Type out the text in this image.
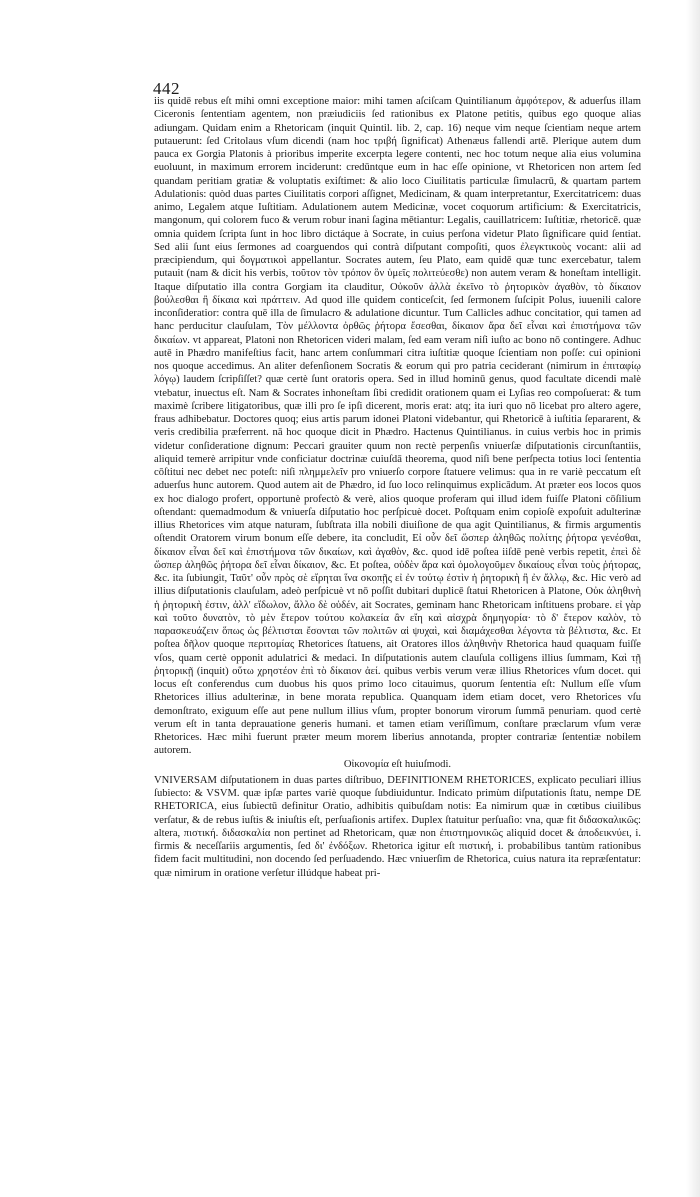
442

iis quidē rebus eſt mihi omni exceptione maior: mihi tamen aſciſcam Quintilianum ἀμφότερον, & aduerſus illam Ciceronis ſententiam agentem, non præiudiciis ſed rationibus ex Platone petitis, quibus ego quoque alias adiungam. Quidam enim a Rhetoricam (inquit Quintil. lib. 2, cap. 16) neque vim neque ſcientiam neque artem putauerunt: ſed Critolaus vſum dicendi (nam hoc τριβή ſignificat) Athenæus fallendi artē. Plerique autem dum pauca ex Gorgia Platonis à prioribus imperite excerpta legere contenti, nec hoc totum neque alia eius volumina euoluunt, in maximum errorem inciderunt: credūntque eum in hac eſſe opinione, vt Rhetoricen non artem ſed quandam peritiam gratiæ & voluptatis exiſtimet: & alio loco Ciuilitatis particulæ ſimulacrū, & quartam partem Adulationis: quòd duas partes Ciuilitatis corpori aſſignet, Medicinam, & quam interpretantur, Exercitatricem: duas animo, Legalem atque Iuſtitiam. Adulationem autem Medicinæ, vocet coquorum artificium: & Exercitatricis, mangonum, qui colorem fuco & verum robur inani ſagina mētiantur: Legalis, cauillatricem: Iuſtitiæ, rhetoricē. quæ omnia quidem ſcripta ſunt in hoc libro dictáque à Socrate, in cuius perſona videtur Plato ſignificare quid ſentiat. Sed alii ſunt eius ſermones ad coarguendos qui contrà diſputant compoſiti, quos ἐλεγκτικοὺς vocant: alii ad præcipiendum, qui δογματικοὶ appellantur. Socrates autem, ſeu Plato, eam quidē quæ tunc exercebatur, talem putauit (nam & dicit his verbis, τοῦτον τὸν τρόπον ὃν ὑμεῖς πολιτεύεσθε) non autem veram & honeſtam intelligit. Itaque diſputatio illa contra Gorgiam ita clauditur, Οὐκοῦν ἀλλὰ ἐκεῖνο τὸ ῥητορικὸν ἀγαθὸν, τὸ δίκαιον βούλεσθαι ἢ δίκαια καὶ πράττειν. Ad quod ille quidem conticeſcit, ſed ſermonem ſuſcipit Polus, iuuenili calore inconſideratior: contra quē illa de ſimulacro & adulatione dicuntur. Tum Callicles adhuc concitatior, qui tamen ad hanc perducitur clauſulam, Τὸν μέλλοντα ὀρθῶς ῥήτορα ἔσεσθαι, δίκαιον ἄρα δεῖ εἶναι καὶ ἐπιστήμονα τῶν δικαίων. vt appareat, Platoni non Rhetoricen videri malam, ſed eam veram niſi iuſto ac bono nō contingere. Adhuc autē in Phædro manifeſtius facit, hanc artem conſummari citra iuſtitiæ quoque ſcientiam non poſſe: cui opinioni nos quoque accedimus. An aliter defenſionem Socratis & eorum qui pro patria ceciderant (nimirum in ἐπιταφίῳ λόγῳ) laudem ſcripſiſſet? quæ certè ſunt oratoris opera. Sed in illud hominū genus, quod facultate dicendi malè vtebatur, inuectus eſt. Nam & Socrates inhoneſtam ſibi credidit orationem quam ei Lyſias reo compoſuerat: & tum maximè ſcribere litigatoribus, quæ illi pro ſe ipſi dicerent, moris erat: atq; ita iuri quo nō licebat pro altero agere, fraus adhibebatur. Doctores quoq; eius artis parum idonei Platoni videbantur, qui Rhetoricē à iuſtitia ſepararent, & veris credibilia præferrent. nā hoc quoque dicit in Phædro. Hactenus Quintilianus. in cuius verbis hoc in primis videtur conſideratione dignum: Peccari grauiter quum non rectè perpenſis vniuerſæ diſputationis circunſtantiis, aliquid temerè arripitur vnde conficiatur doctrinæ cuiuſdā theorema, quod niſi bene perſpecta totius loci ſententia cōſtitui nec debet nec poteſt: niſi πλημμελεῖν pro vniuerſo corpore ſtatuere velimus: qua in re variè peccatum eſt aduerſus hunc autorem. Quod autem ait de Phædro, id ſuo loco relinquimus explicādum. At præter eos locos quos ex hoc dialogo profert, opportunè profectò & verè, alios quoque proferam qui illud idem fuiſſe Platoni cōſilium oſtendant: quemadmodum & vniuerſa diſputatio hoc perſpicuè docet. Poſtquam enim copioſè expoſuit adulterinæ illius Rhetorices vim atque naturam, ſubſtrata illa nobili diuiſione de qua agit Quintilianus, & firmis argumentis oſtendit Oratorem virum bonum eſſe debere, ita concludit, Εἰ οὖν δεῖ ὥσπερ ἀληθῶς πολίτης ῥήτορα γενέσθαι, δίκαιον εἶναι δεῖ καὶ ἐπιστήμονα τῶν δικαίων, καὶ ἀγαθὸν, &c. quod idē poſtea iiſdē penè verbis repetit, ἐπεὶ δὲ ὥσπερ ἀληθῶς ῥήτορα δεῖ εἶναι δίκαιον, &c. Et poſtea, οὐδὲν ἄρα καὶ ὁμολογοῦμεν δικαίους εἶναι τοὺς ῥήτορας, &c. ita ſubiungit, Ταῦτ' οὖν πρὸς σὲ εἴρηται ἵνα σκοπῇς εἰ ἐν τούτῳ ἐστὶν ἡ ῥητορικὴ ἢ ἐν ἄλλῳ, &c. Hic verò ad illius diſputationis clauſulam, adeò perſpicuè vt nō poſſit dubitari duplicē ſtatui Rhetoricen à Platone, Οὐκ ἀληθινὴ ἡ ῥητορικὴ ἐστιν, ἀλλ' εἴδωλον, ἄλλο δὲ οὐδέν, ait Socrates, geminam hanc Rhetoricam inſtituens probare. εἰ γὰρ καὶ τοῦτο δυνατὸν, τὸ μὲν ἕτερον τούτου κολακεία ἂν εἴη καὶ αἰσχρὰ δημηγορία· τὸ δ' ἕτερον καλὸν, τὸ παρασκευάζειν ὅπως ὡς βέλτισται ἔσονται τῶν πολιτῶν αἱ ψυχαὶ, καὶ διαμάχεσθαι λέγοντα τὰ βέλτιστα, &c. Et poſtea δῆλον quoque περιτομίας Rhetorices ſtatuens, ait Oratores illos ἀληθινὴν Rhetorica haud quaquam fuiſſe vſos, quam certè opponit adulatrici & medaci. In diſputationis autem clauſula colligens illius ſummam, Καὶ τῇ ῥητορικῇ (inquit) οὕτω χρηστέον ἐπὶ τὸ δίκαιον ἀεί. quibus verbis verum veræ illius Rhetorices vſum docet. qui locus eſt conferendus cum duobus his quos primo loco citauimus, quorum ſententia eſt: Nullum eſſe vſum Rhetorices illius adulterinæ, in bene morata republica. Quanquam idem etiam docet, vero Rhetorices vſu demonſtrato, exiguum eſſe aut pene nullum illius vſum, propter bonorum virorum ſummā penuriam. quod certè verum eſt in tanta deprauatione generis humani. et tamen etiam veriſſimum, conſtare præclarum vſum veræ Rhetorices. Hæc mihi fuerunt præter meum morem liberius annotanda, propter contrariæ ſententiæ nobilem autorem.

Οἰκονομία eſt huiuſmodi.

VNIVERSAM diſputationem in duas partes diſtribuo, DEFINITIONEM RHETORICES, explicato peculiari illius ſubiecto: & VSVM. quæ ipſæ partes variè quoque ſubdiuiduntur. Indicato primùm diſputationis ſtatu, nempe DE RHETORICA, eius ſubiectū definitur Oratio, adhibitis quibuſdam notis: Ea nimirum quæ in cœtibus ciuilibus verſatur, & de rebus iuſtis & iniuſtis eſt, perſuaſionis artifex. Duplex ſtatuitur perſuaſio: vna, quæ fit διδασκαλικῶς: altera, πιστική. διδασκαλία non pertinet ad Rhetoricam, quæ non ἐπιστημονικῶς aliquid docet & ἀποδεικνύει, i. firmis & neceſſariis argumentis, ſed δι' ἐνδόξων. Rhetorica igitur eſt πιστική, i. probabilibus tantùm rationibus fidem facit multitudini, non docendo ſed perſuadendo. Hæc vniuerſim de Rhetorica, cuius natura ita repræſentatur: quæ nimirum in oratione verſetur illúdque habeat pri-
